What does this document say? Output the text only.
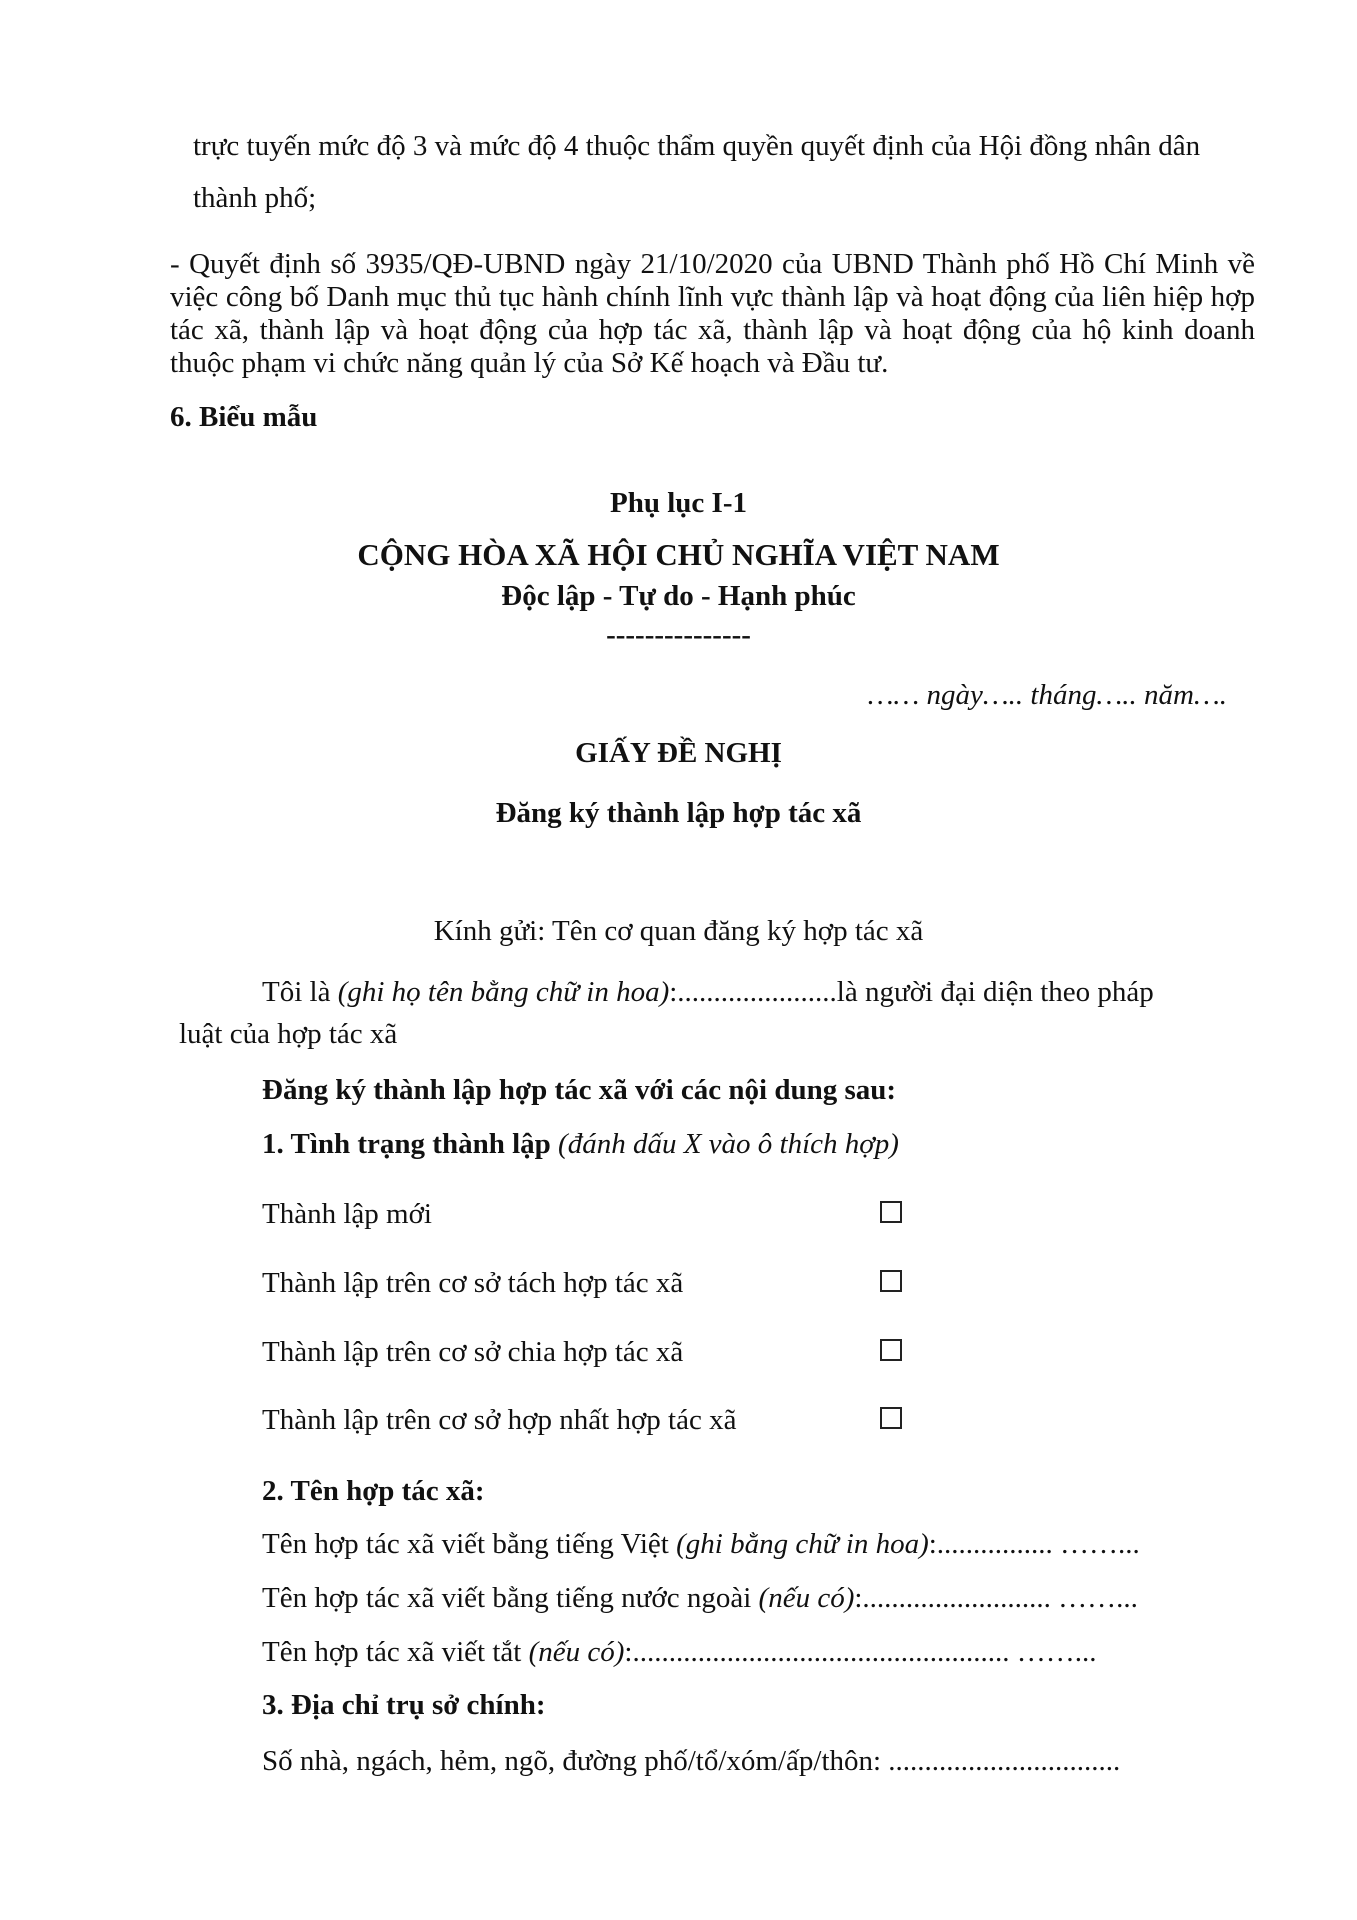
trực tuyến mức độ 3 và mức độ 4 thuộc thẩm quyền quyết định của Hội đồng nhân dân
thành phố;
- Quyết định số 3935/QĐ-UBND ngày 21/10/2020 của UBND Thành phố Hồ Chí Minh về việc công bố Danh mục thủ tục hành chính lĩnh vực thành lập và hoạt động của liên hiệp hợp tác xã, thành lập và hoạt động của hợp tác xã, thành lập và hoạt động của hộ kinh doanh thuộc phạm vi chức năng quản lý của Sở Kế hoạch và Đầu tư.
6. Biểu mẫu
Phụ lục I-1
CỘNG HÒA XÃ HỘI CHỦ NGHĨA VIỆT NAM
Độc lập - Tự do - Hạnh phúc
---------------
…… ngày….. tháng….. năm….
GIẤY ĐỀ NGHỊ
Đăng ký thành lập hợp tác xã
Kính gửi: Tên cơ quan đăng ký hợp tác xã
Tôi là (ghi họ tên bằng chữ in hoa):......................là người đại diện theo pháp
luật của hợp tác xã
Đăng ký thành lập hợp tác xã với các nội dung sau:
1. Tình trạng thành lập (đánh dấu X vào ô thích hợp)
Thành lập mới
Thành lập trên cơ sở tách hợp tác xã
Thành lập trên cơ sở chia hợp tác xã
Thành lập trên cơ sở hợp nhất hợp tác xã
2. Tên hợp tác xã:
Tên hợp tác xã viết bằng tiếng Việt (ghi bằng chữ in hoa):................ ……...
Tên hợp tác xã viết bằng tiếng nước ngoài (nếu có):.......................... ……...
Tên hợp tác xã viết tắt (nếu có):.................................................... ……...
3. Địa chỉ trụ sở chính:
Số nhà, ngách, hẻm, ngõ, đường phố/tổ/xóm/ấp/thôn: ................................
